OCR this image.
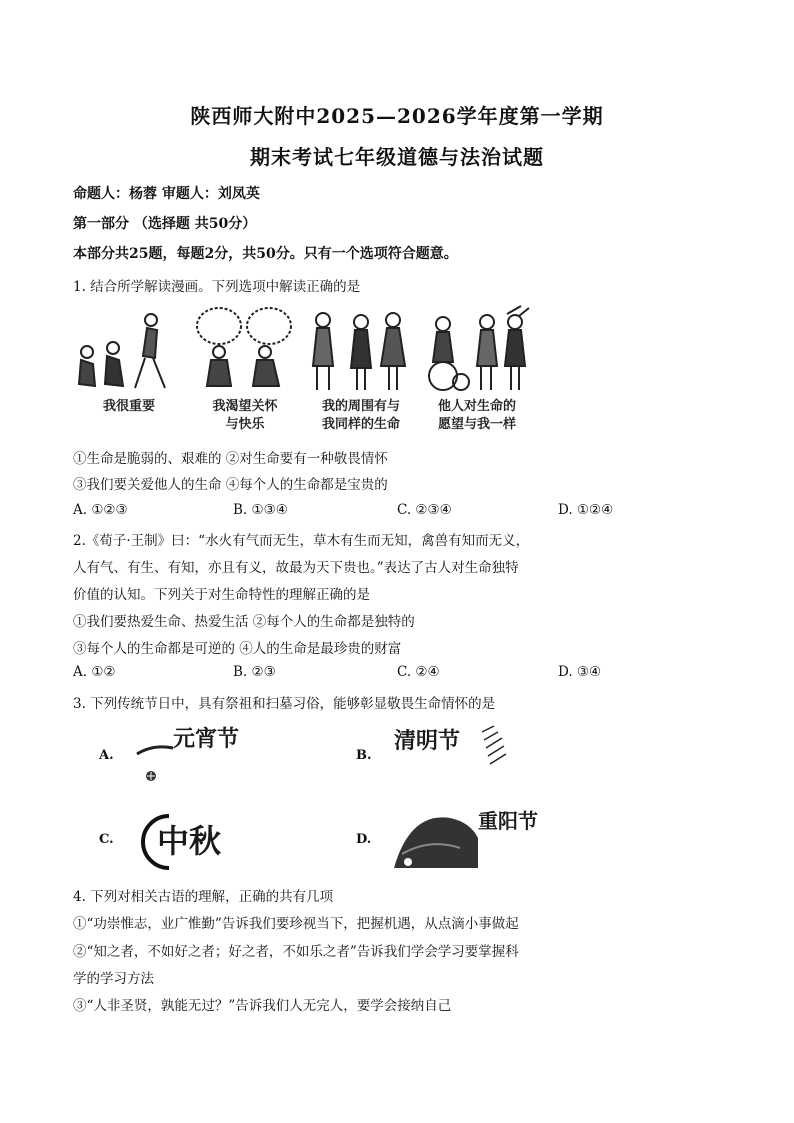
陕西师大附中2025—2026学年度第一学期
期末考试七年级道德与法治试题
命题人：杨蓉 审题人：刘凤英
第一部分 （选择题 共50分）
本部分共25题，每题2分，共50分。只有一个选项符合题意。
1. 结合所学解读漫画。下列选项中解读正确的是
我很重要	我渴望关怀
与快乐
我的周围有与
我同样的生命
他人对生命的
愿望与我一样
①生命是脆弱的、艰难的 ②对生命要有一种敬畏情怀
③我们要关爱他人的生命 ④每个人的生命都是宝贵的
A. ①②③	B. ①③④	C. ②③④	D. ①②④
2.《荀子·王制》曰：“水火有气而无生，草木有生而无知，禽兽有知而无义，
人有气、有生、有知，亦且有义，故最为天下贵也。”表达了古人对生命独特
价值的认知。下列关于对生命特性的理解正确的是
①我们要热爱生命、热爱生活 ②每个人的生命都是独特的
③每个人的生命都是可逆的 ④人的生命是最珍贵的财富
A. ①②	B. ②③	C. ②④	D. ③④
3. 下列传统节日中，具有祭祖和扫墓习俗，能够彰显敬畏生命情怀的是
A.
元宵节
B.
清明节
C. 中秋	D.
重阳节
4. 下列对相关古语的理解，正确的共有几项
①“功崇惟志，业广惟勤”告诉我们要珍视当下，把握机遇，从点滴小事做起
②“知之者，不如好之者；好之者，不如乐之者”告诉我们学会学习要掌握科
学的学习方法
③“人非圣贤，孰能无过？”告诉我们人无完人，要学会接纳自己
